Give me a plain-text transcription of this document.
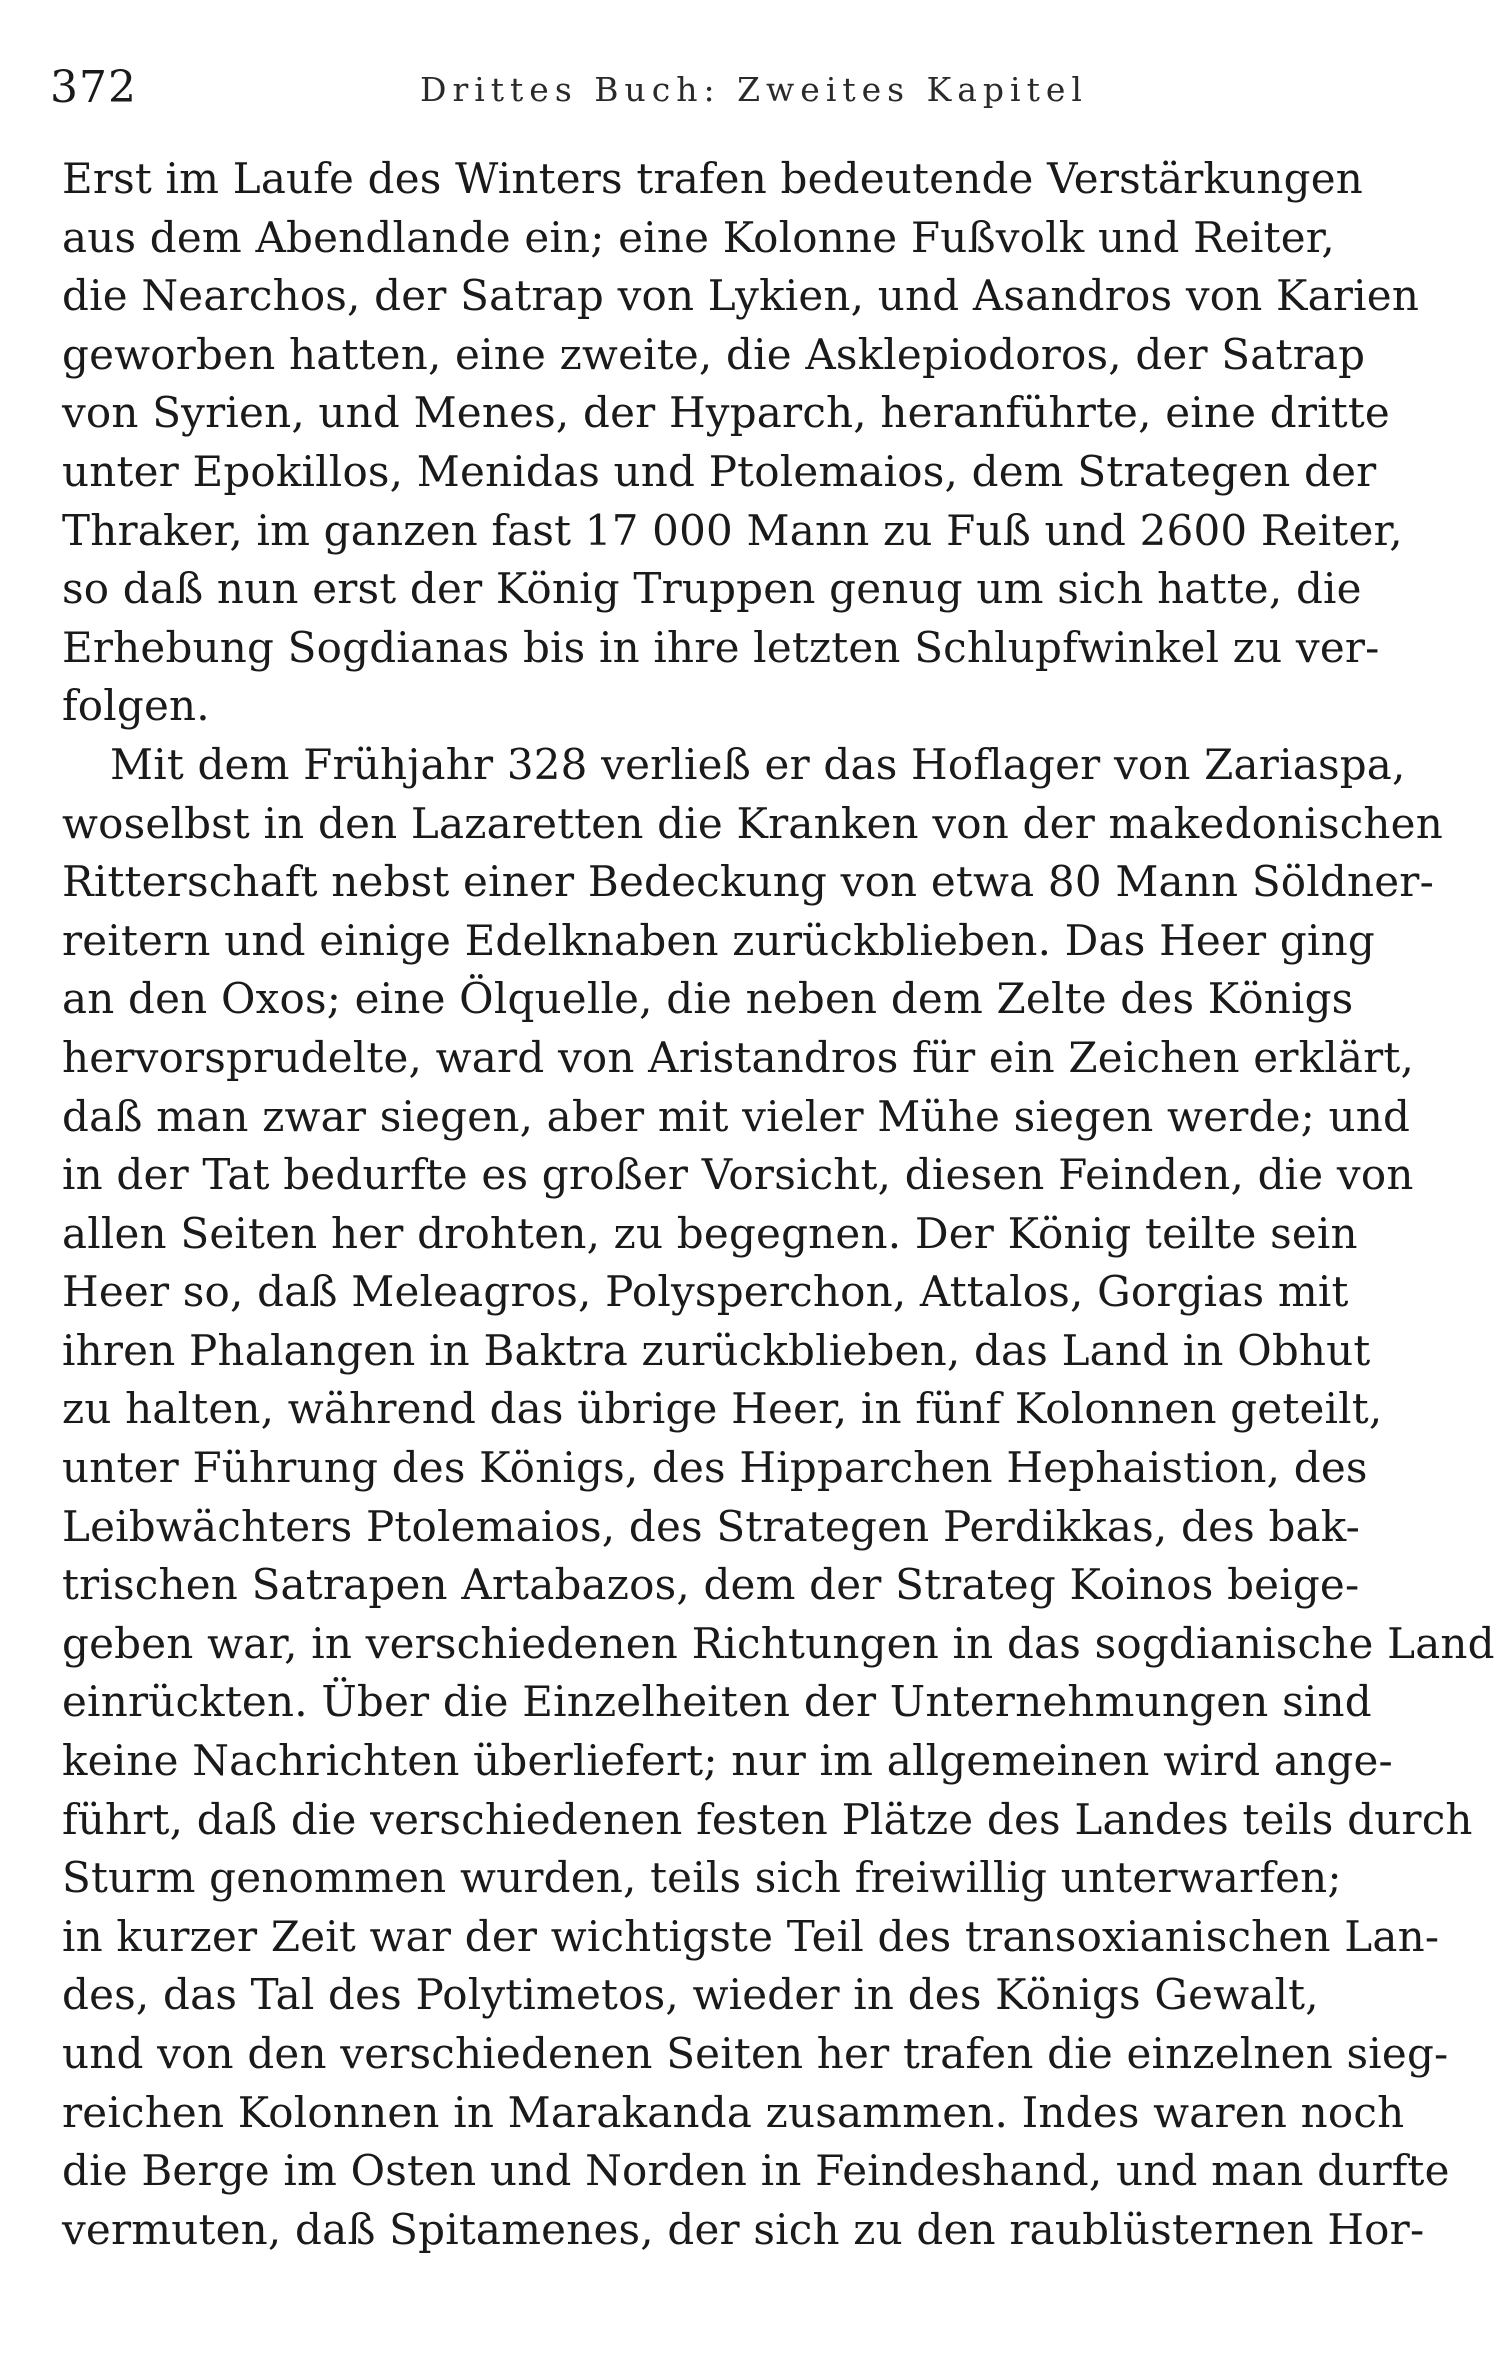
372	Drittes Buch: Zweites Kapitel
Erst im Laufe des Winters trafen bedeutende Verstärkungen
aus dem Abendlande ein; eine Kolonne Fußvolk und Reiter,
die Nearchos, der Satrap von Lykien, und Asandros von Karien
geworben hatten, eine zweite, die Asklepiodoros, der Satrap
von Syrien, und Menes, der Hyparch, heranführte, eine dritte
unter Epokillos, Menidas und Ptolemaios, dem Strategen der
Thraker, im ganzen fast 17 000 Mann zu Fuß und 2600 Reiter,
so daß nun erst der König Truppen genug um sich hatte, die
Erhebung Sogdianas bis in ihre letzten Schlupfwinkel zu ver-
folgen.
Mit dem Frühjahr 328 verließ er das Hoflager von Zariaspa,
woselbst in den Lazaretten die Kranken von der makedonischen
Ritterschaft nebst einer Bedeckung von etwa 80 Mann Söldner-
reitern und einige Edelknaben zurückblieben. Das Heer ging
an den Oxos; eine Ölquelle, die neben dem Zelte des Königs
hervorsprudelte, ward von Aristandros für ein Zeichen erklärt,
daß man zwar siegen, aber mit vieler Mühe siegen werde; und
in der Tat bedurfte es großer Vorsicht, diesen Feinden, die von
allen Seiten her drohten, zu begegnen. Der König teilte sein
Heer so, daß Meleagros, Polysperchon, Attalos, Gorgias mit
ihren Phalangen in Baktra zurückblieben, das Land in Obhut
zu halten, während das übrige Heer, in fünf Kolonnen geteilt,
unter Führung des Königs, des Hipparchen Hephaistion, des
Leibwächters Ptolemaios, des Strategen Perdikkas, des bak-
trischen Satrapen Artabazos, dem der Strateg Koinos beige-
geben war, in verschiedenen Richtungen in das sogdianische Land
einrückten. Über die Einzelheiten der Unternehmungen sind
keine Nachrichten überliefert; nur im allgemeinen wird ange-
führt, daß die verschiedenen festen Plätze des Landes teils durch
Sturm genommen wurden, teils sich freiwillig unterwarfen;
in kurzer Zeit war der wichtigste Teil des transoxianischen Lan-
des, das Tal des Polytimetos, wieder in des Königs Gewalt,
und von den verschiedenen Seiten her trafen die einzelnen sieg-
reichen Kolonnen in Marakanda zusammen. Indes waren noch
die Berge im Osten und Norden in Feindeshand, und man durfte
vermuten, daß Spitamenes, der sich zu den raublüsternen Hor-
